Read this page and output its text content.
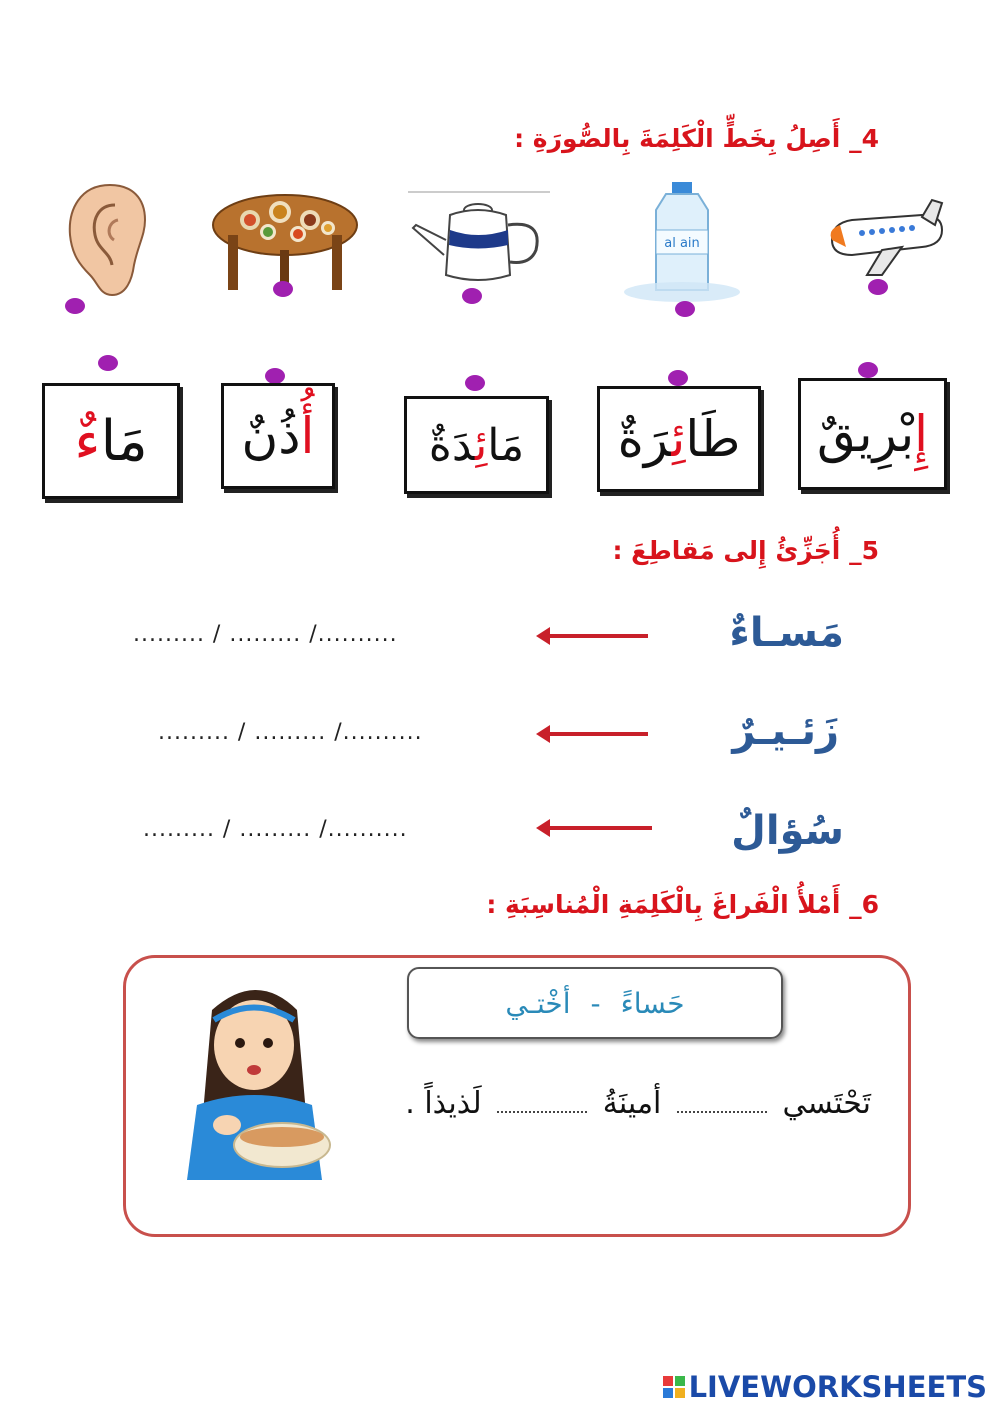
4_ أَصِلُ بِخَطٍّ الْكَلِمَةَ بِالصُّورَةِ :
al ain
إِبْرِيقٌ
طَائِرَةٌ
مَائِدَةٌ
أُذُنٌ
مَاءٌ
5_ أُجَزِّئُ إِلى مَقاطِعَ :
مَسـاءٌ
......... / ......... /..........
زَئـيـرٌ
......... / ......... /..........
سُؤالٌ
......... / ......... /..........
6_ أَمْلأُ الْفَراغَ بِالْكَلِمَةِ الْمُناسِبَةِ :
حَساءً
-
أخْتـي
تَحْتَسي  أمينَةُ  لَذيذاً .
LIVEWORKSHEETS
